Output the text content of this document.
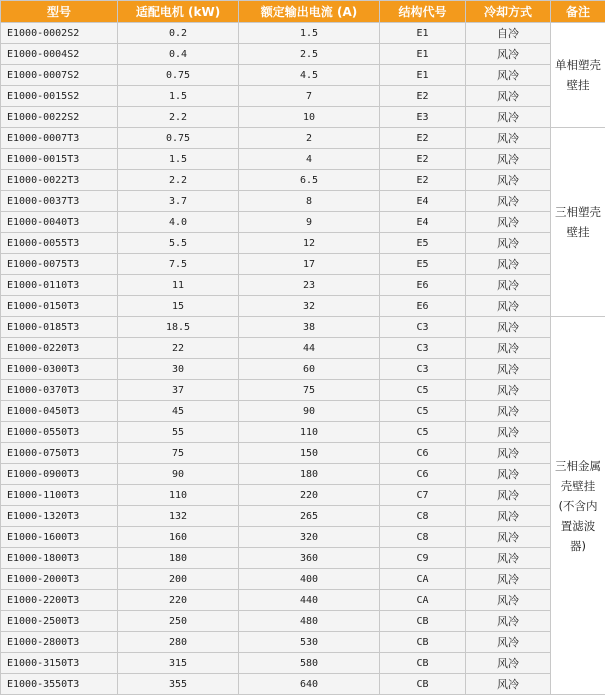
型号	适配电机 (kW)	额定输出电流 (A)	结构代号	冷却方式	备注
E1000-0002S2	0.2	1.5	E1	自冷	单相塑壳壁挂
E1000-0004S2	0.4	2.5	E1	风冷	
E1000-0007S2	0.75	4.5	E1	风冷	
E1000-0015S2	1.5	7	E2	风冷	
E1000-0022S2	2.2	10	E3	风冷	
E1000-0007T3	0.75	2	E2	风冷	三相塑壳壁挂
E1000-0015T3	1.5	4	E2	风冷	
E1000-0022T3	2.2	6.5	E2	风冷	
E1000-0037T3	3.7	8	E4	风冷	
E1000-0040T3	4.0	9	E4	风冷	
E1000-0055T3	5.5	12	E5	风冷	
E1000-0075T3	7.5	17	E5	风冷	
E1000-0110T3	11	23	E6	风冷	
E1000-0150T3	15	32	E6	风冷	
E1000-0185T3	18.5	38	C3	风冷	三相金属壳壁挂(不含内置滤波器)
E1000-0220T3	22	44	C3	风冷	
E1000-0300T3	30	60	C3	风冷	
E1000-0370T3	37	75	C5	风冷	
E1000-0450T3	45	90	C5	风冷	
E1000-0550T3	55	110	C5	风冷	
E1000-0750T3	75	150	C6	风冷	
E1000-0900T3	90	180	C6	风冷	
E1000-1100T3	110	220	C7	风冷	
E1000-1320T3	132	265	C8	风冷	
E1000-1600T3	160	320	C8	风冷	
E1000-1800T3	180	360	C9	风冷	
E1000-2000T3	200	400	CA	风冷	
E1000-2200T3	220	440	CA	风冷	
E1000-2500T3	250	480	CB	风冷	
E1000-2800T3	280	530	CB	风冷	
E1000-3150T3	315	580	CB	风冷	
E1000-3550T3	355	640	CB	风冷	
